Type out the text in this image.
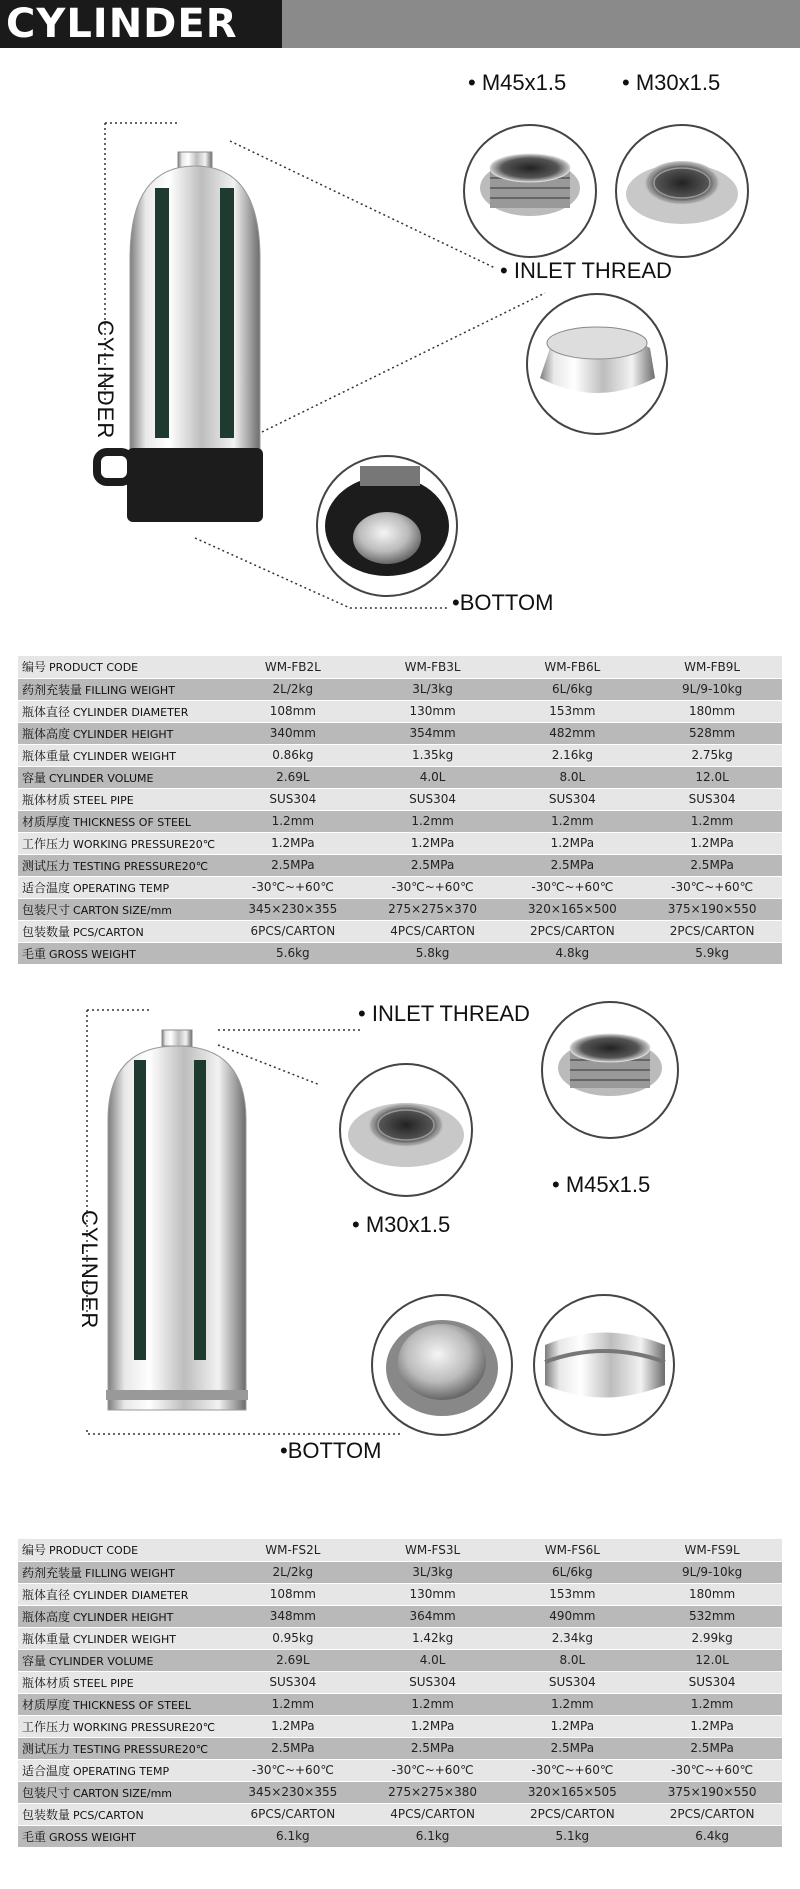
CYLINDER
• M45x1.5	• M30x1.5
• INLET THREAD
CYLINDER
•BOTTOM
编号 PRODUCT CODE	WM-FB2L	WM-FB3L	WM-FB6L	WM-FB9L
药剂充装量 FILLING WEIGHT	2L/2kg	3L/3kg	6L/6kg	9L/9-10kg
瓶体直径 CYLINDER DIAMETER	108mm	130mm	153mm	180mm
瓶体高度 CYLINDER HEIGHT	340mm	354mm	482mm	528mm
瓶体重量 CYLINDER WEIGHT	0.86kg	1.35kg	2.16kg	2.75kg
容量 CYLINDER VOLUME	2.69L	4.0L	8.0L	12.0L
瓶体材质 STEEL PIPE	SUS304	SUS304	SUS304	SUS304
材质厚度 THICKNESS OF STEEL	1.2mm	1.2mm	1.2mm	1.2mm
工作压力 WORKING PRESSURE20℃	1.2MPa	1.2MPa	1.2MPa	1.2MPa
测试压力 TESTING PRESSURE20℃	2.5MPa	2.5MPa	2.5MPa	2.5MPa
适合温度 OPERATING TEMP	-30℃~+60℃	-30℃~+60℃	-30℃~+60℃	-30℃~+60℃
包装尺寸 CARTON SIZE/mm	345×230×355	275×275×370	320×165×500	375×190×550
包装数量 PCS/CARTON	6PCS/CARTON	4PCS/CARTON	2PCS/CARTON	2PCS/CARTON
毛重 GROSS WEIGHT	5.6kg	5.8kg	4.8kg	5.9kg
• INLET THREAD
• M45x1.5
• M30x1.5
CYLINDER
•BOTTOM
编号 PRODUCT CODE	WM-FS2L	WM-FS3L	WM-FS6L	WM-FS9L
药剂充装量 FILLING WEIGHT	2L/2kg	3L/3kg	6L/6kg	9L/9-10kg
瓶体直径 CYLINDER DIAMETER	108mm	130mm	153mm	180mm
瓶体高度 CYLINDER HEIGHT	348mm	364mm	490mm	532mm
瓶体重量 CYLINDER WEIGHT	0.95kg	1.42kg	2.34kg	2.99kg
容量 CYLINDER VOLUME	2.69L	4.0L	8.0L	12.0L
瓶体材质 STEEL PIPE	SUS304	SUS304	SUS304	SUS304
材质厚度 THICKNESS OF STEEL	1.2mm	1.2mm	1.2mm	1.2mm
工作压力 WORKING PRESSURE20℃	1.2MPa	1.2MPa	1.2MPa	1.2MPa
测试压力 TESTING PRESSURE20℃	2.5MPa	2.5MPa	2.5MPa	2.5MPa
适合温度 OPERATING TEMP	-30℃~+60℃	-30℃~+60℃	-30℃~+60℃	-30℃~+60℃
包装尺寸 CARTON SIZE/mm	345×230×355	275×275×380	320×165×505	375×190×550
包装数量 PCS/CARTON	6PCS/CARTON	4PCS/CARTON	2PCS/CARTON	2PCS/CARTON
毛重 GROSS WEIGHT	6.1kg	6.1kg	5.1kg	6.4kg
